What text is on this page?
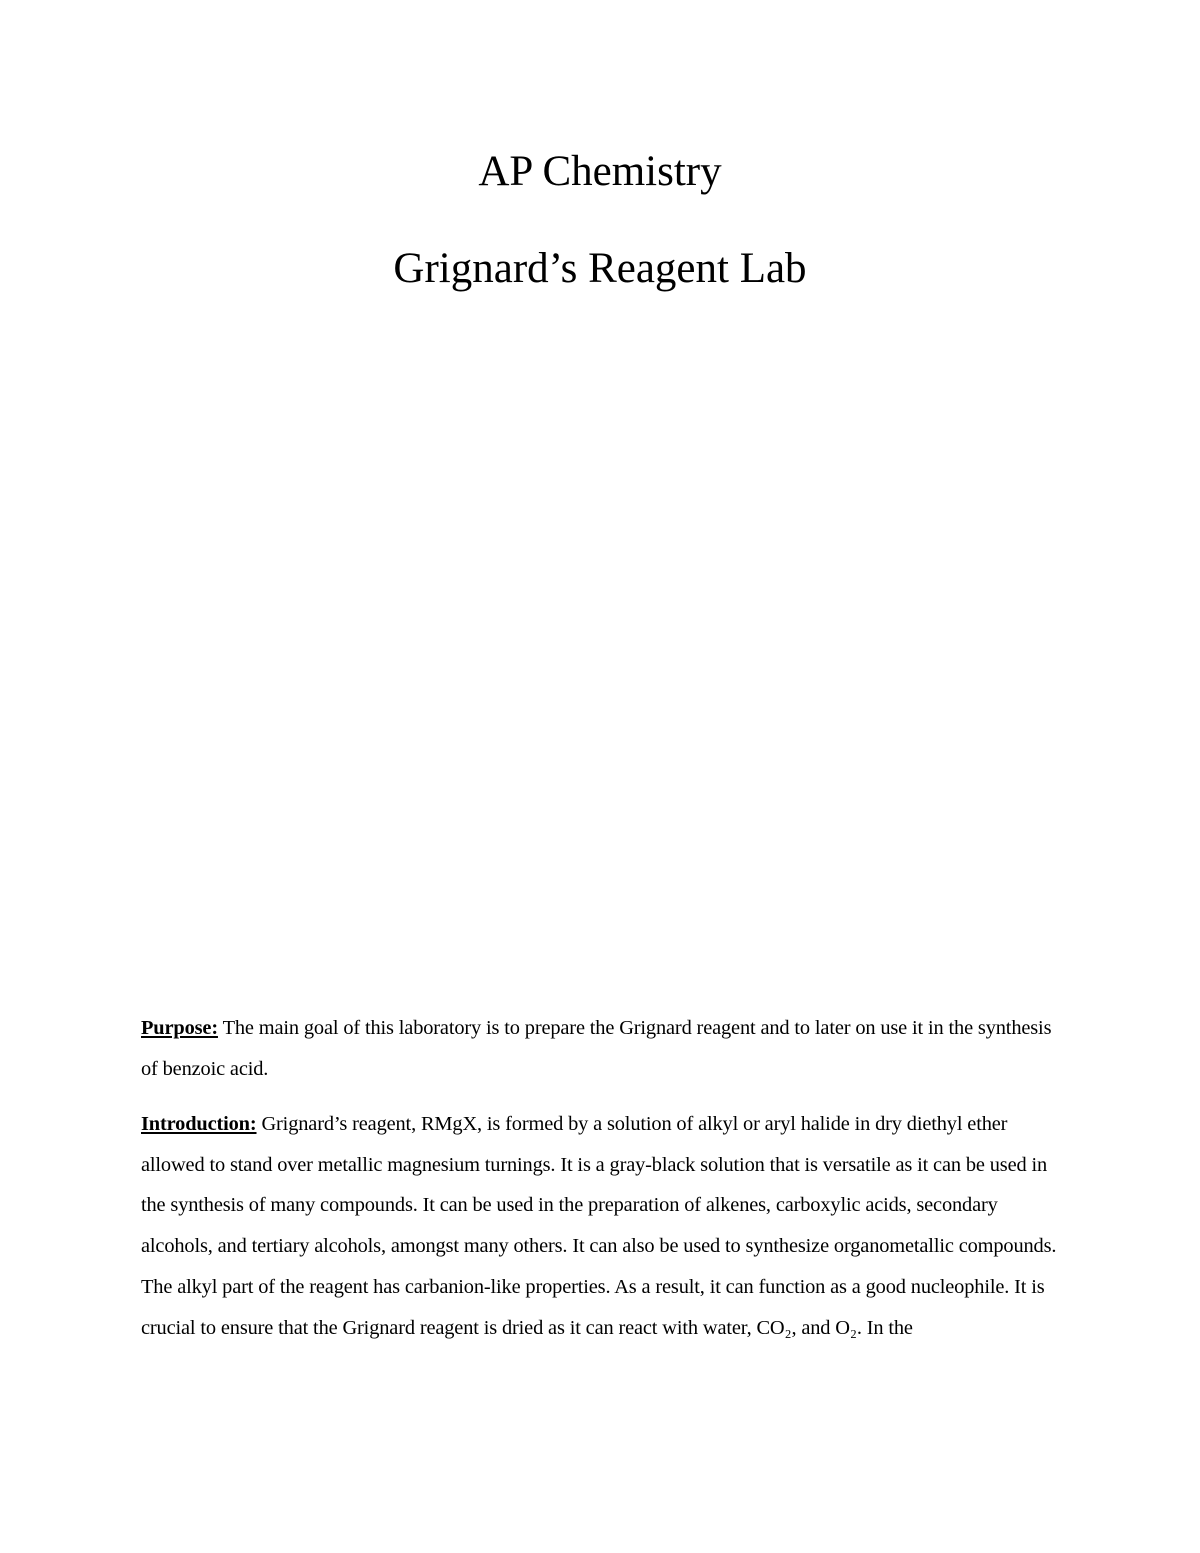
AP Chemistry
Grignard’s Reagent Lab

Purpose: The main goal of this laboratory is to prepare the Grignard reagent and to later on use it in the synthesis of benzoic acid.

Introduction: Grignard’s reagent, RMgX, is formed by a solution of alkyl or aryl halide in dry diethyl ether allowed to stand over metallic magnesium turnings. It is a gray-black solution that is versatile as it can be used in the synthesis of many compounds. It can be used in the preparation of alkenes, carboxylic acids, secondary alcohols, and tertiary alcohols, amongst many others. It can also be used to synthesize organometallic compounds. The alkyl part of the reagent has carbanion-like properties. As a result, it can function as a good nucleophile. It is crucial to ensure that the Grignard reagent is dried as it can react with water, CO₂, and O₂. In the
